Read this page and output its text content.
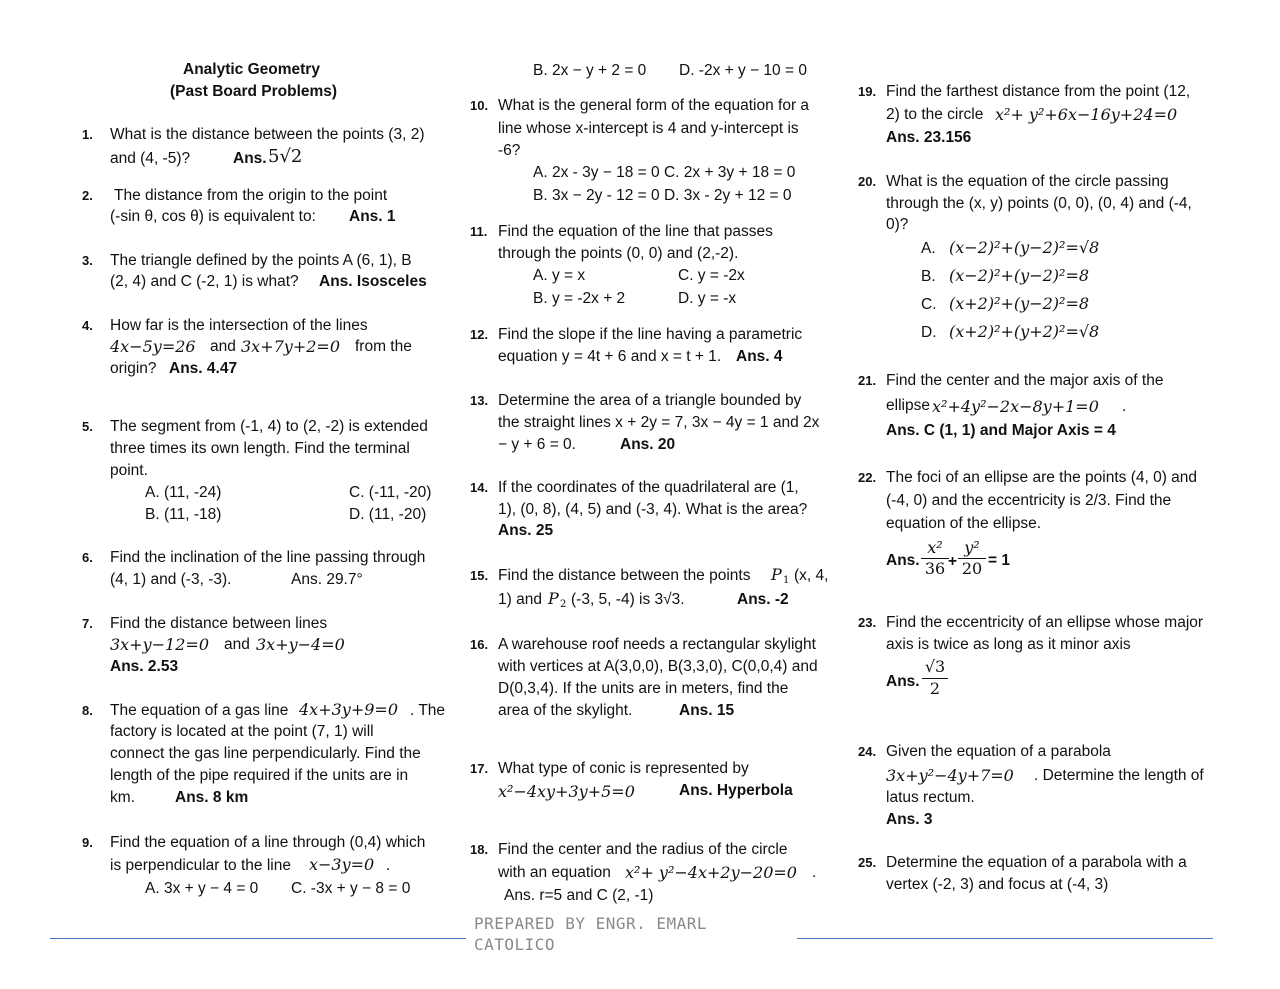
Analytic Geometry
(Past Board Problems)
1. What is the distance between the points (3, 2)
and (4, -5)?	Ans. 5√2
2. The distance from the origin to the point
(-sin θ, cos θ) is equivalent to: Ans. 1
3. The triangle defined by the points A (6, 1), B
(2, 4) and C (-2, 1) is what? Ans. Isosceles
4. How far is the intersection of the lines
4x−5y=26 and 3x+7y+2=0 from the
origin? Ans. 4.47
5. The segment from (-1, 4) to (2, -2) is extended
three times its own length. Find the terminal
point.
A. (11, -24)	C. (-11, -20)
B. (11, -18)	D. (11, -20)
6. Find the inclination of the line passing through
(4, 1) and (-3, -3).	Ans. 29.7°
7. Find the distance between lines
3x+y−12=0 and 3x+y−4=0
Ans. 2.53
8. The equation of a gas line 4x+3y+9=0 . The
factory is located at the point (7, 1) will
connect the gas line perpendicularly. Find the
length of the pipe required if the units are in
km.	Ans. 8 km
9. Find the equation of a line through (0,4) which
is perpendicular to the line x−3y=0 .
A. 3x + y − 4 = 0 C. -3x + y − 8 = 0
B. 2x − y + 2 = 0 D. -2x + y − 10 = 0
10. What is the general form of the equation for a
line whose x-intercept is 4 and y-intercept is
-6?
A. 2x - 3y − 18 = 0 C. 2x + 3y + 18 = 0
B. 3x − 2y - 12 = 0 D. 3x - 2y + 12 = 0
11. Find the equation of the line that passes
through the points (0, 0) and (2,-2).
A. y = x	C. y = -2x
B. y = -2x + 2	D. y = -x
12. Find the slope if the line having a parametric
equation y = 4t + 6 and x = t + 1. Ans. 4
13. Determine the area of a triangle bounded by
the straight lines x + 2y = 7, 3x − 4y = 1 and 2x
− y + 6 = 0.	Ans. 20
14. If the coordinates of the quadrilateral are (1,
1), (0, 8), (4, 5) and (-3, 4). What is the area?
Ans. 25
15. Find the distance between the points P 1 (x, 4,
1) and P 2 (-3, 5, -4) is 3√3.	Ans. -2
16. A warehouse roof needs a rectangular skylight
with vertices at A(3,0,0), B(3,3,0), C(0,0,4) and
D(0,3,4). If the units are in meters, find the
area of the skylight.	Ans. 15
17. What type of conic is represented by
x²−4xy+3y+5=0	Ans. Hyperbola
18. Find the center and the radius of the circle
with an equation x²+ y²−4x+2y−20=0 .
Ans. r=5 and C (2, -1)
19. Find the farthest distance from the point (12,
2) to the circle x²+ y²+6x−16y+24=0
Ans. 23.156
20. What is the equation of the circle passing
through the (x, y) points (0, 0), (0, 4) and (-4,
0)?
A. (x−2)²+(y−2)²=√8
B. (x−2)²+(y−2)²=8
C. (x+2)²+(y−2)²=8
D. (x+2)²+(y+2)²=√8
21. Find the center and the major axis of the
ellipse x²+4y²−2x−8y+1=0 .
Ans. C (1, 1) and Major Axis = 4
22. The foci of an ellipse are the points (4, 0) and
(-4, 0) and the eccentricity is 2/3. Find the
equation of the ellipse.
Ans.
x²
36 +
y²
20 = 1
23. Find the eccentricity of an ellipse whose major
axis is twice as long as it minor axis
Ans.
√3
2
24. Given the equation of a parabola
3x+y²−4y+7=0 . Determine the length of
latus rectum.
Ans. 3
25. Determine the equation of a parabola with a
vertex (-2, 3) and focus at (-4, 3)
PREPARED BY ENGR. EMARL
CATOLICO
